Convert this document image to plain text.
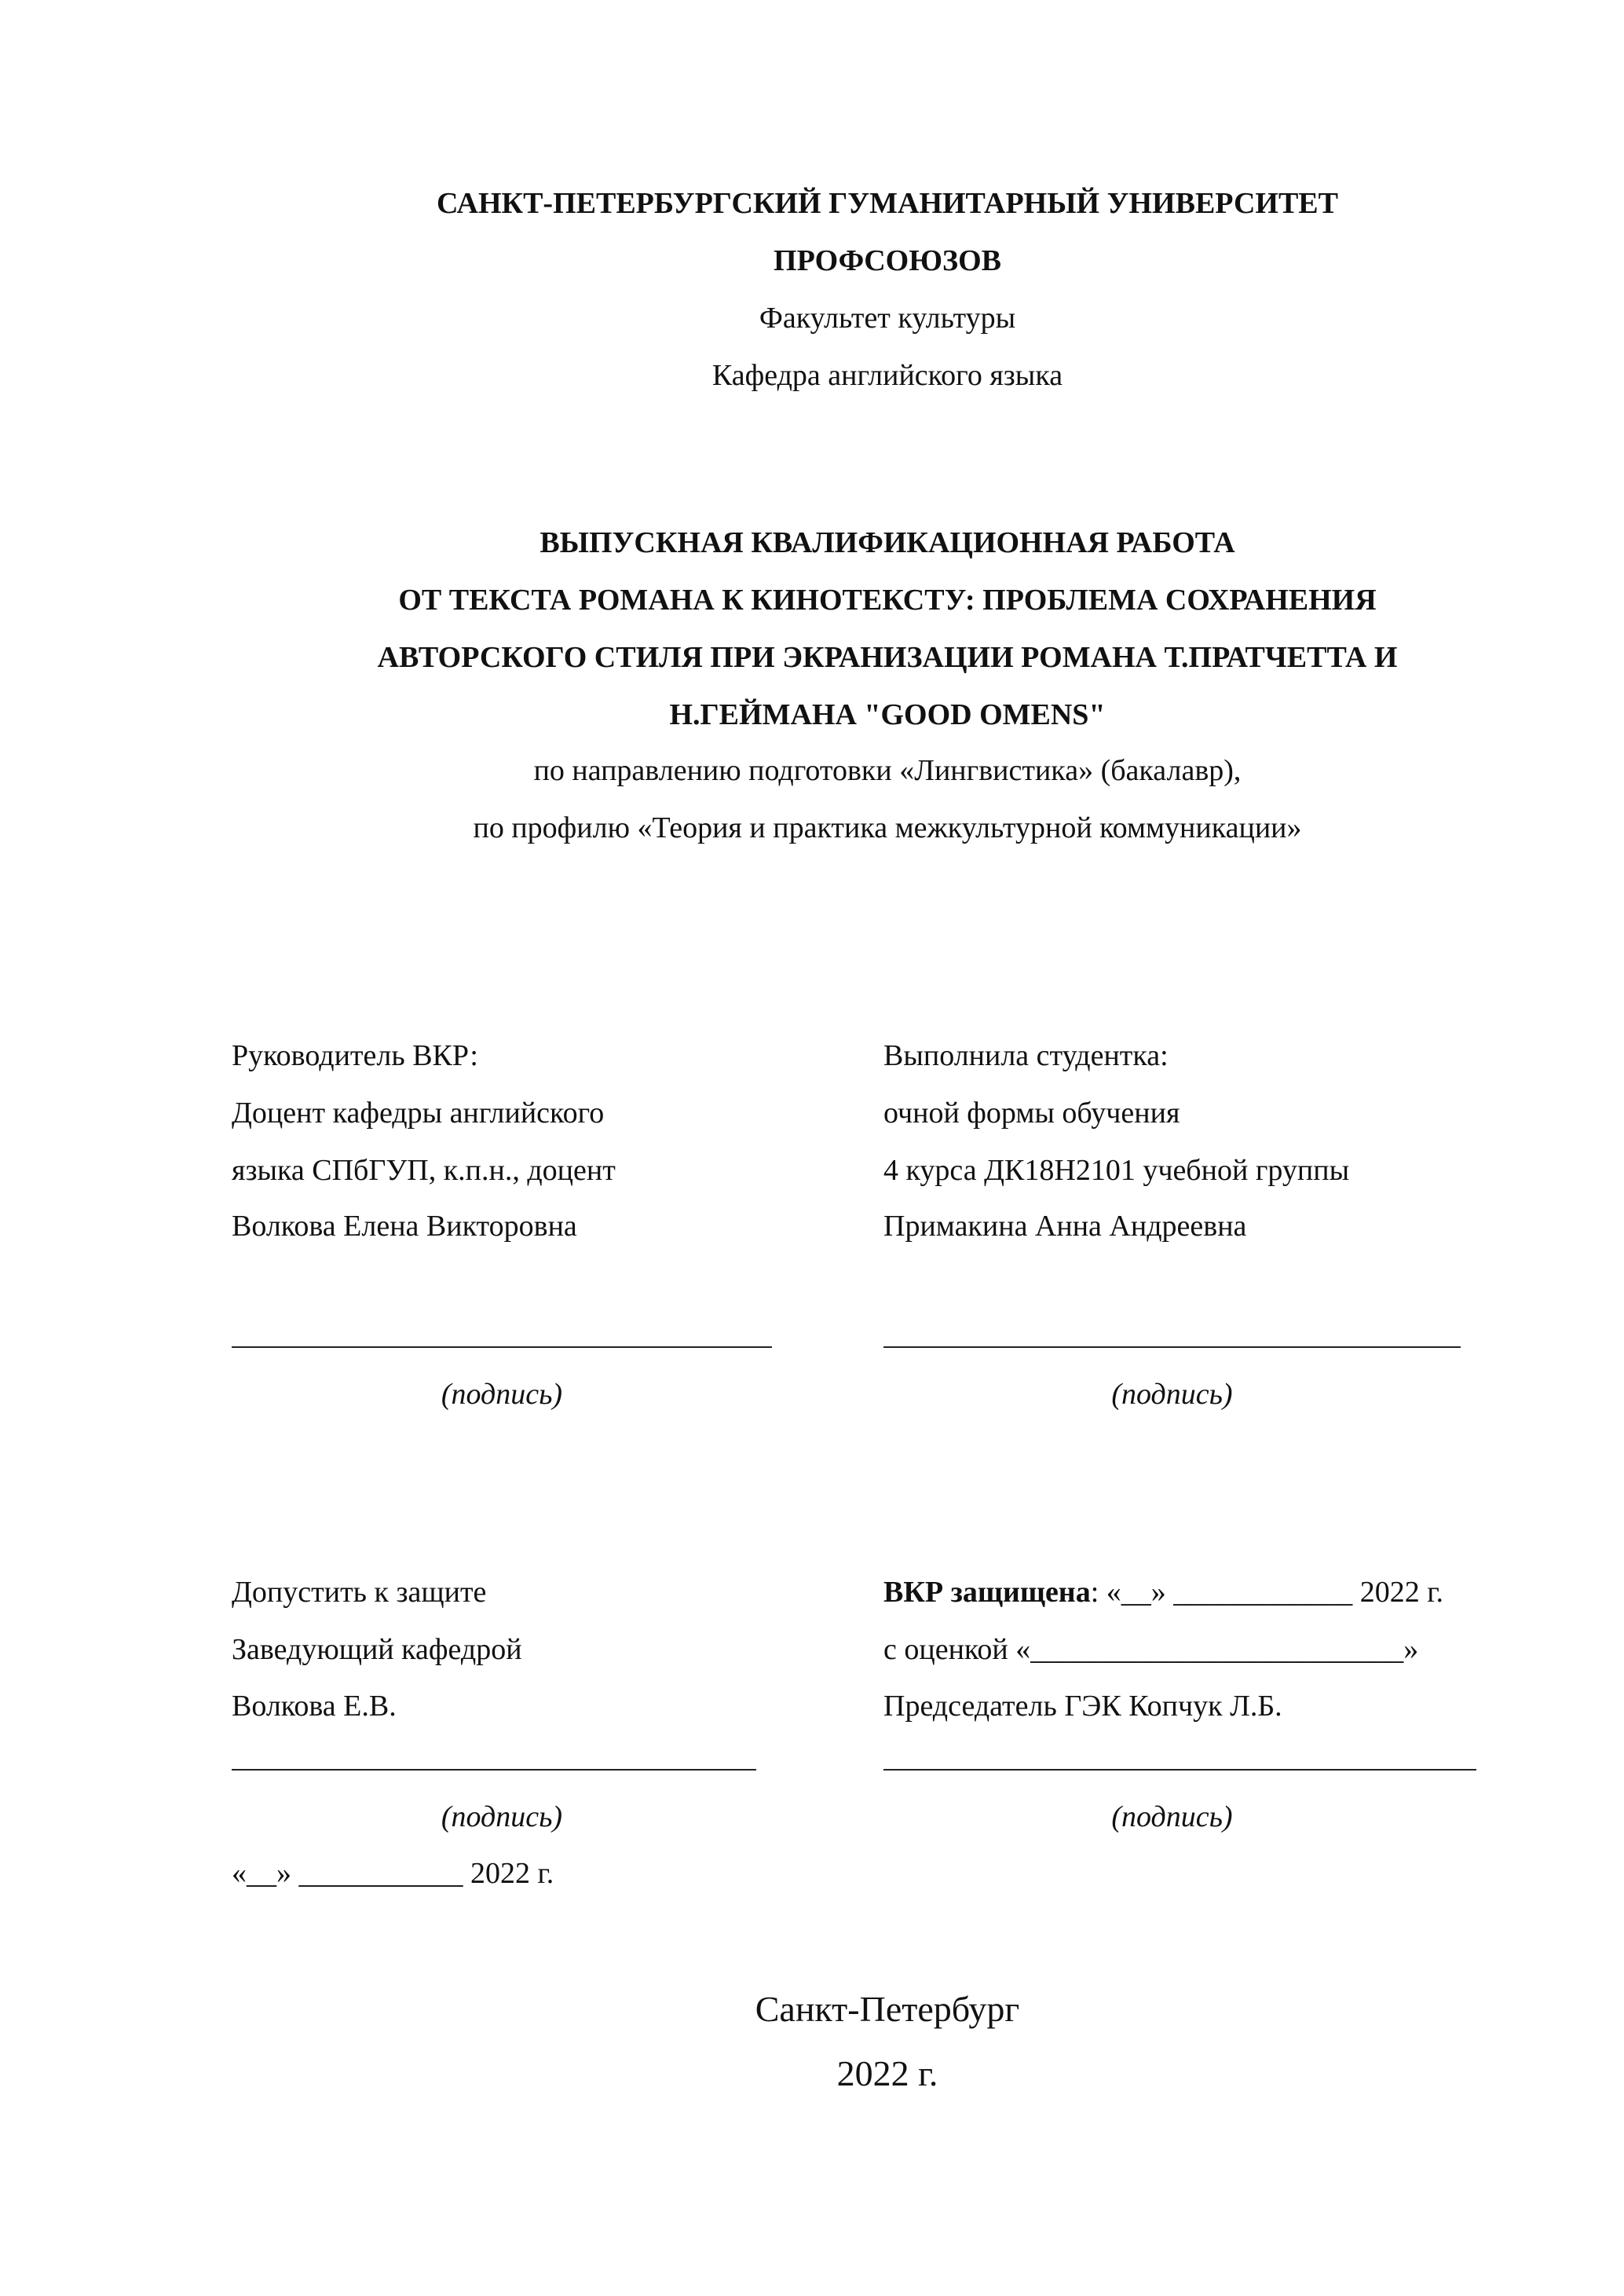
САНКТ-ПЕТЕРБУРГСКИЙ ГУМАНИТАРНЫЙ УНИВЕРСИТЕТ
ПРОФСОЮЗОВ
Факультет культуры
Кафедра английского языка
ВЫПУСКНАЯ КВАЛИФИКАЦИОННАЯ РАБОТА
ОТ ТЕКСТА РОМАНА К КИНОТЕКСТУ: ПРОБЛЕМА СОХРАНЕНИЯ
АВТОРСКОГО СТИЛЯ ПРИ ЭКРАНИЗАЦИИ РОМАНА Т.ПРАТЧЕТТА И
Н.ГЕЙМАНА "GOOD OMENS"
по направлению подготовки «Лингвистика» (бакалавр),
по профилю «Теория и практика межкультурной коммуникации»
Руководитель ВКР:
Доцент кафедры английского
языка СПбГУП, к.п.н., доцент
Волкова Елена Викторовна
Выполнила студентка:
очной формы обучения
4 курса ДК18Н2101 учебной группы
Примакина Анна Андреевна
(подпись)	(подпись)
Допустить к защите
Заведующий кафедрой
Волкова Е.В.
ВКР защищена: «__» ____________ 2022 г.
с оценкой «_________________________»
Председатель ГЭК Копчук Л.Б.
(подпись)	(подпись)
«__» ___________ 2022 г.
Санкт-Петербург
2022 г.
